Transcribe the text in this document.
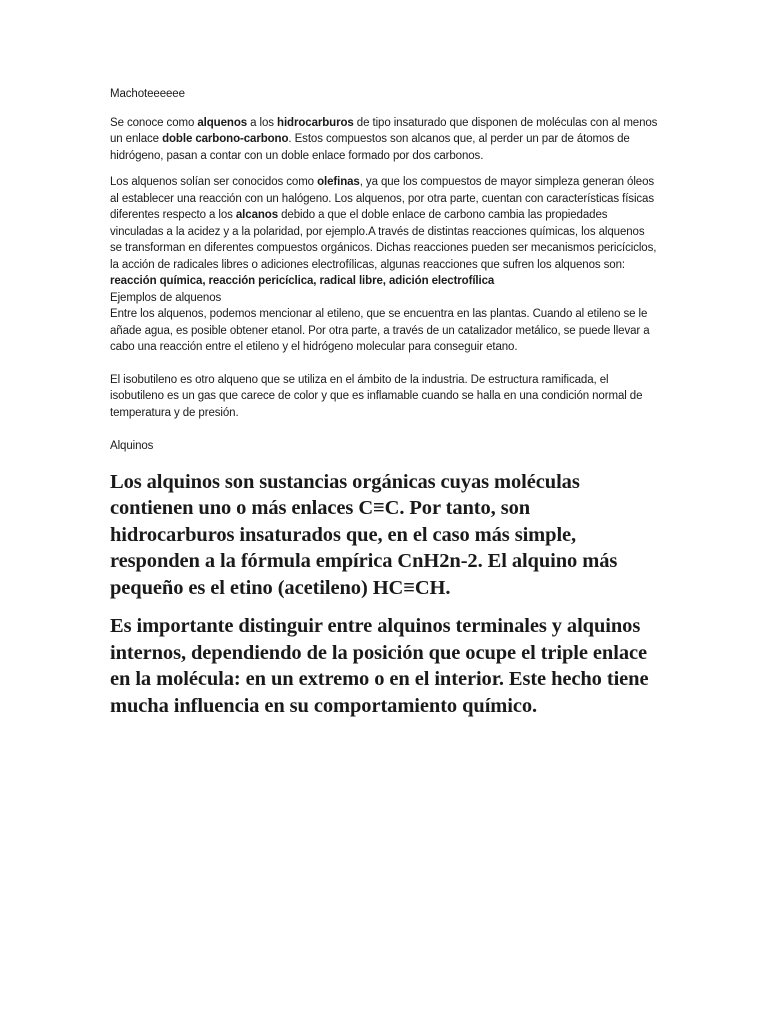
Machoteeeeee

Se conoce como alquenos a los hidrocarburos de tipo insaturado que disponen de moléculas con al menos un enlace doble carbono-carbono. Estos compuestos son alcanos que, al perder un par de átomos de hidrógeno, pasan a contar con un doble enlace formado por dos carbonos.

Los alquenos solían ser conocidos como olefinas, ya que los compuestos de mayor simpleza generan óleos al establecer una reacción con un halógeno. Los alquenos, por otra parte, cuentan con características físicas diferentes respecto a los alcanos debido a que el doble enlace de carbono cambia las propiedades vinculadas a la acidez y a la polaridad, por ejemplo.A través de distintas reacciones químicas, los alquenos se transforman en diferentes compuestos orgánicos. Dichas reacciones pueden ser mecanismos pericíciclos, la acción de radicales libres o adiciones electrofílicas, algunas reacciones que sufren los alquenos son:
reacción química, reacción pericíclica, radical libre, adición electrofílica
Ejemplos de alquenos
Entre los alquenos, podemos mencionar al etileno, que se encuentra en las plantas. Cuando al etileno se le añade agua, es posible obtener etanol. Por otra parte, a través de un catalizador metálico, se puede llevar a cabo una reacción entre el etileno y el hidrógeno molecular para conseguir etano.

El isobutileno es otro alqueno que se utiliza en el ámbito de la industria. De estructura ramificada, el isobutileno es un gas que carece de color y que es inflamable cuando se halla en una condición normal de temperatura y de presión.

Alquinos

Los alquinos son sustancias orgánicas cuyas moléculas contienen uno o más enlaces C≡C. Por tanto, son hidrocarburos insaturados que, en el caso más simple, responden a la fórmula empírica CnH2n-2. El alquino más pequeño es el etino (acetileno) HC≡CH.

Es importante distinguir entre alquinos terminales y alquinos internos, dependiendo de la posición que ocupe el triple enlace en la molécula: en un extremo o en el interior. Este hecho tiene mucha influencia en su comportamiento químico.
